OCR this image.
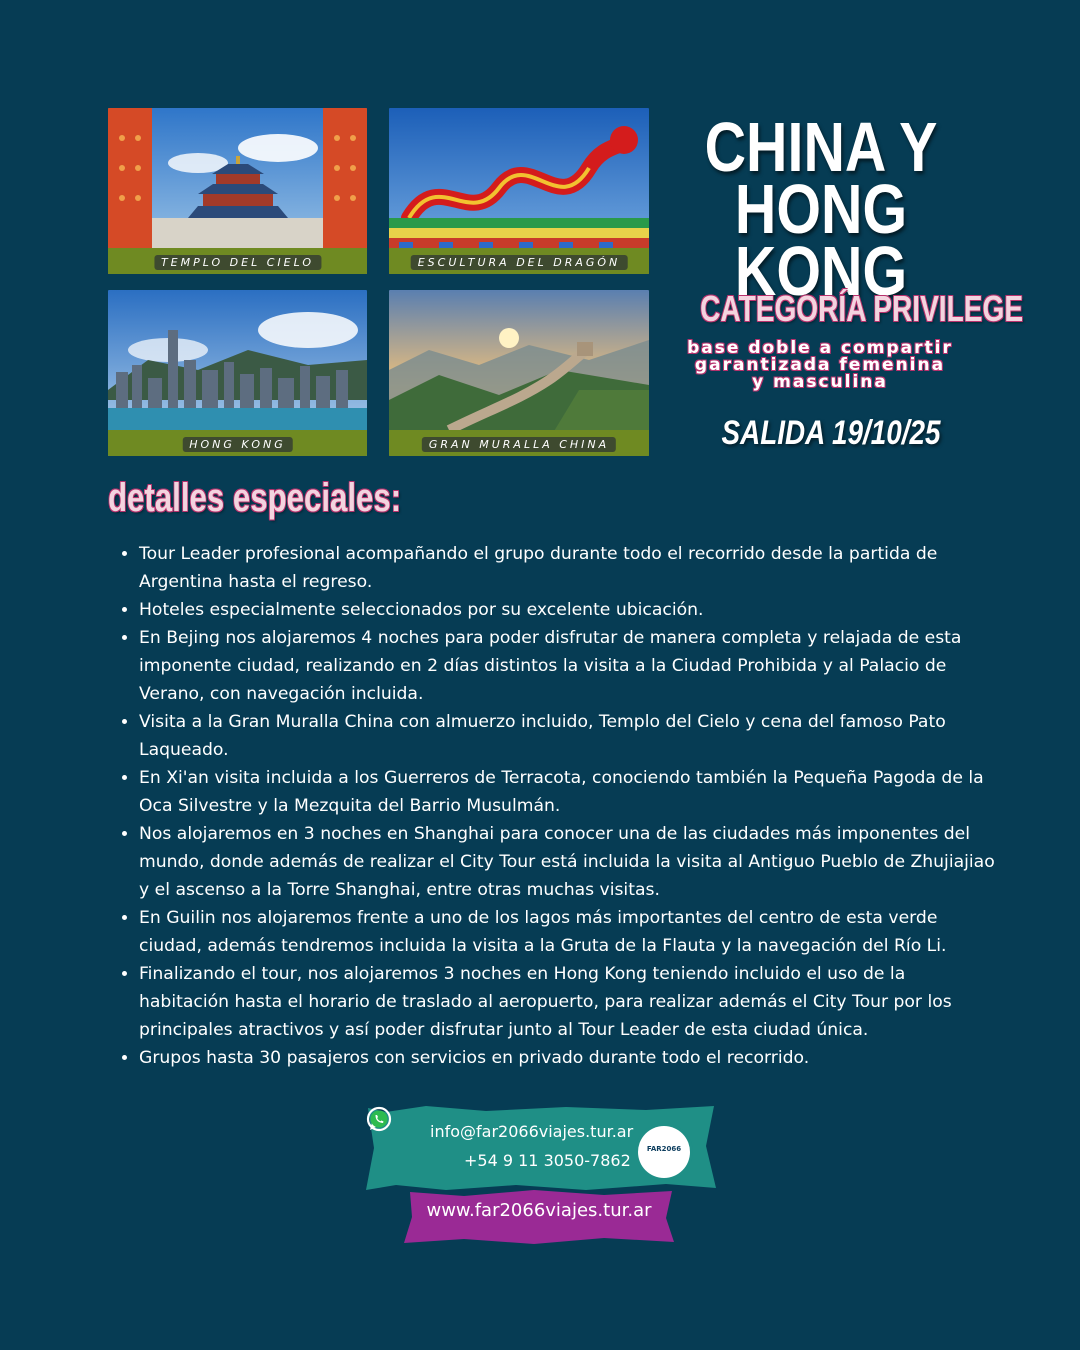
TEMPLO DEL CIELO	ESCULTURA DEL DRAGÓN
HONG KONG	GRAN MURALLA CHINA
CHINA Y
HONG KONG
CATEGORÍA PRIVILEGE
base doble a compartir
garantizada femenina
y masculina
SALIDA 19/10/25
detalles especiales:
• Tour Leader profesional acompañando el grupo durante todo el recorrido desde la partida de Argentina hasta el regreso.
• Hoteles especialmente seleccionados por su excelente ubicación.
• En Bejing nos alojaremos 4 noches para poder disfrutar de manera completa y relajada de esta imponente ciudad, realizando en 2 días distintos la visita a la Ciudad Prohibida y al Palacio de Verano, con navegación incluida.
• Visita a la Gran Muralla China con almuerzo incluido, Templo del Cielo y cena del famoso Pato Laqueado.
• En Xi'an visita incluida a los Guerreros de Terracota, conociendo también la Pequeña Pagoda de la Oca Silvestre y la Mezquita del Barrio Musulmán.
• Nos alojaremos en 3 noches en Shanghai para conocer una de las ciudades más imponentes del mundo, donde además de realizar el City Tour está incluida la visita al Antiguo Pueblo de Zhujiajiao y el ascenso a la Torre Shanghai, entre otras muchas visitas.
• En Guilin nos alojaremos frente a uno de los lagos más importantes del centro de esta verde ciudad, además tendremos incluida la visita a la Gruta de la Flauta y la navegación del Río Li.
• Finalizando el tour, nos alojaremos 3 noches en Hong Kong teniendo incluido el uso de la habitación hasta el horario de traslado al aeropuerto, para realizar además el City Tour por los principales atractivos y así poder disfrutar junto al Tour Leader de esta ciudad única.
• Grupos hasta 30 pasajeros con servicios en privado durante todo el recorrido.
info@far2066viajes.tur.ar
+54 9 11 3050-7862
FAR2066
www.far2066viajes.tur.ar
